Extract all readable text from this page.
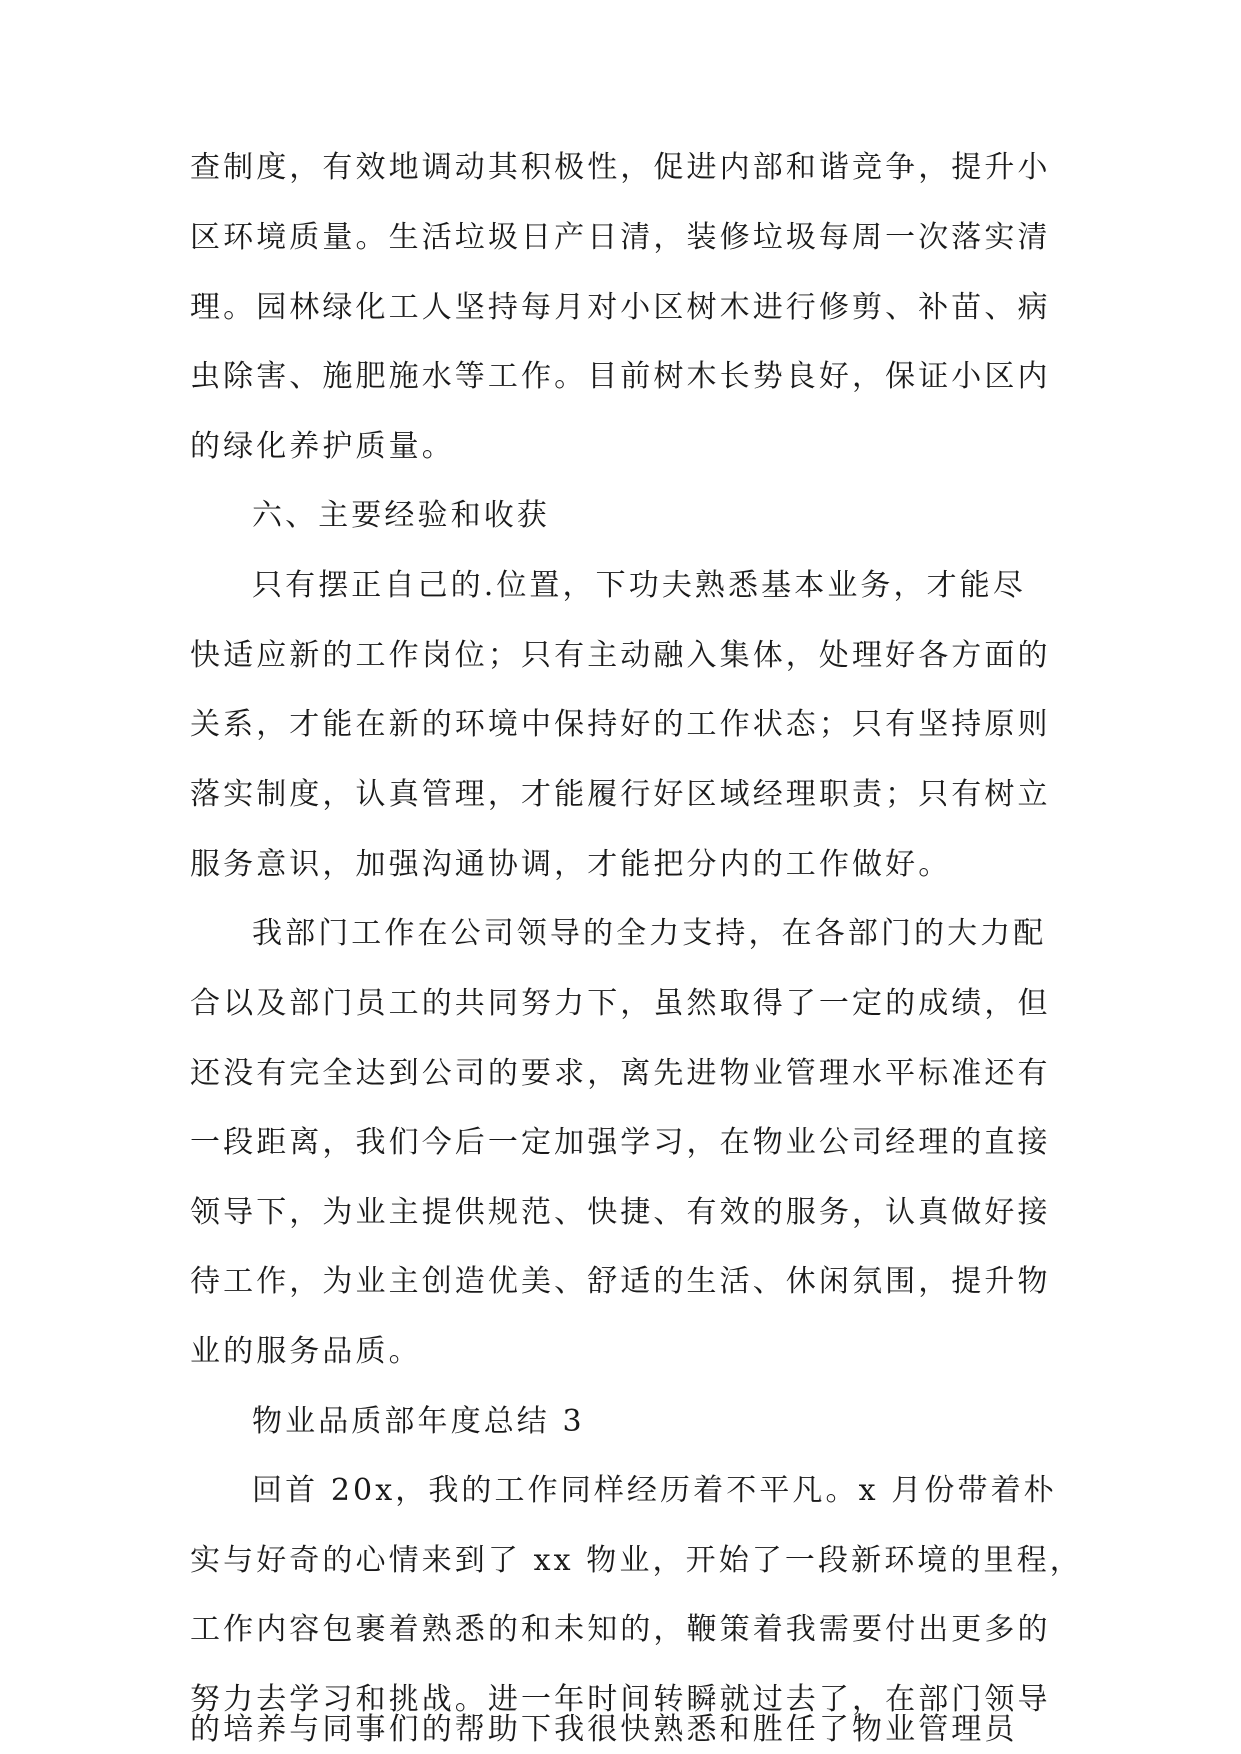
查制度，有效地调动其积极性，促进内部和谐竞争，提升小
区环境质量。生活垃圾日产日清，装修垃圾每周一次落实清
理。园林绿化工人坚持每月对小区树木进行修剪、补苗、病
虫除害、施肥施水等工作。目前树木长势良好，保证小区内
的绿化养护质量。
六、主要经验和收获
只有摆正自己的.位置，下功夫熟悉基本业务，才能尽
快适应新的工作岗位；只有主动融入集体，处理好各方面的
关系，才能在新的环境中保持好的工作状态；只有坚持原则
落实制度，认真管理，才能履行好区域经理职责；只有树立
服务意识，加强沟通协调，才能把分内的工作做好。
我部门工作在公司领导的全力支持，在各部门的大力配
合以及部门员工的共同努力下，虽然取得了一定的成绩，但
还没有完全达到公司的要求，离先进物业管理水平标准还有
一段距离，我们今后一定加强学习，在物业公司经理的直接
领导下，为业主提供规范、快捷、有效的服务，认真做好接
待工作，为业主创造优美、舒适的生活、休闲氛围，提升物
业的服务品质。
物业品质部年度总结 3
回首 20x，我的工作同样经历着不平凡。x 月份带着朴
实与好奇的心情来到了 xx 物业，开始了一段新环境的里程，
工作内容包裹着熟悉的和未知的，鞭策着我需要付出更多的
努力去学习和挑战。进一年时间转瞬就过去了，在部门领导
的培养与同事们的帮助下我很快熟悉和胜任了物业管理员
